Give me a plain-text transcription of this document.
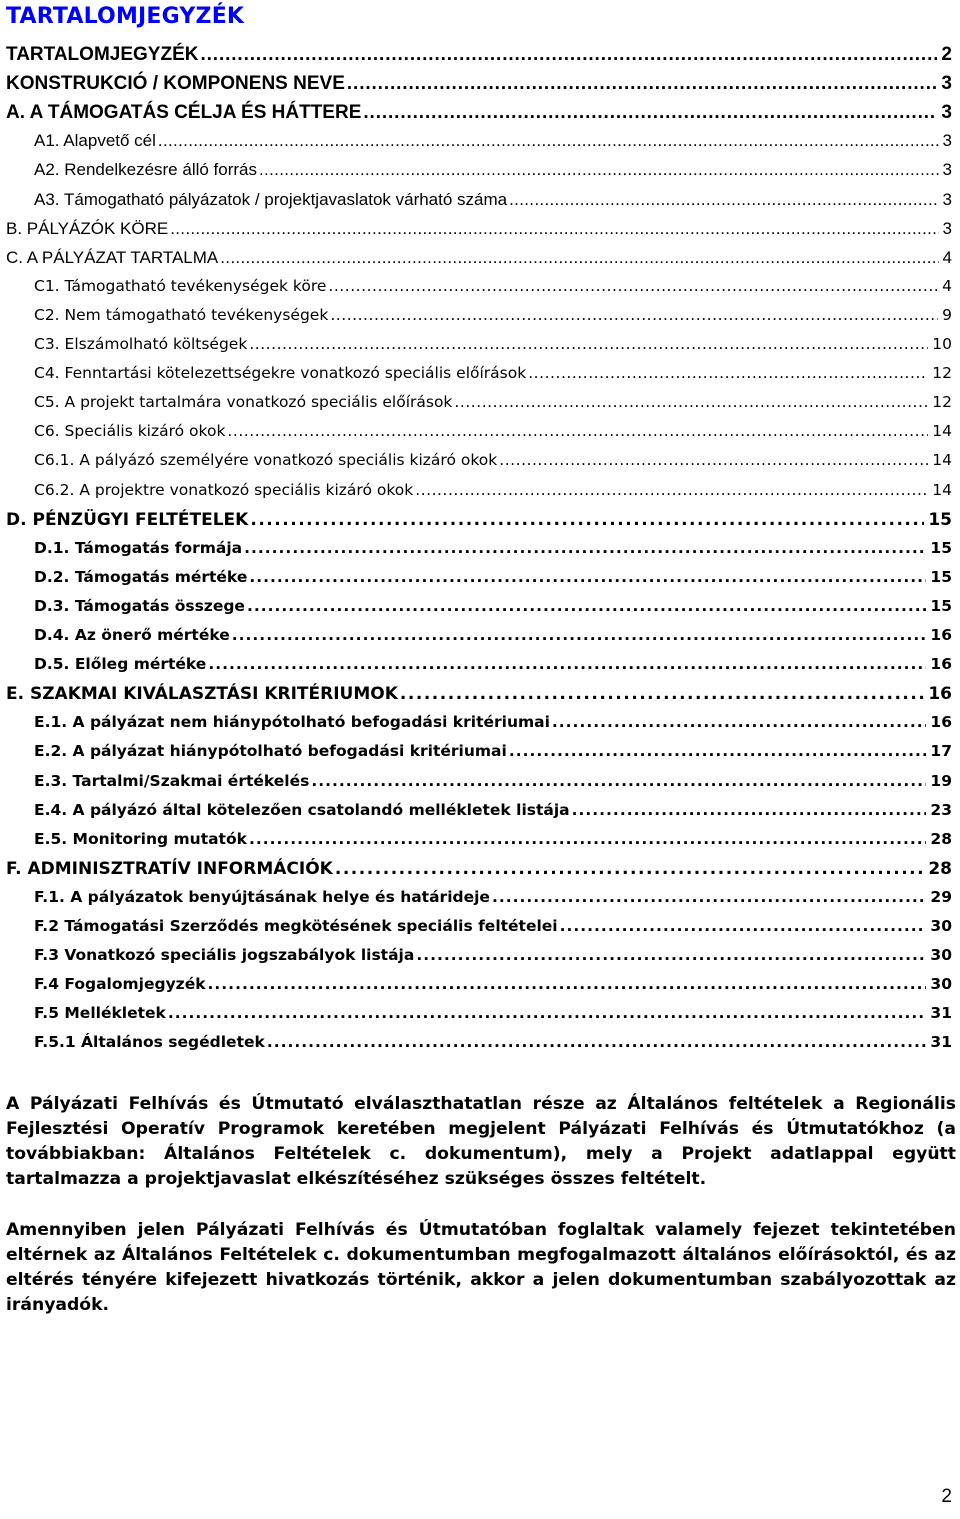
TARTALOMJEGYZÉK
TARTALOMJEGYZÉK . . .	2
KONSTRUKCIÓ / KOMPONENS NEVE . . .	3
A. A TÁMOGATÁS CÉLJA ÉS HÁTTERE . . .	3
A1. Alapvető cél . . .	3
A2. Rendelkezésre álló forrás . . .	3
A3. Támogatható pályázatok / projektjavaslatok várható száma . . .	3
B. PÁLYÁZÓK KÖRE . . .	3
C. A PÁLYÁZAT TARTALMA . . .	4
C1. Támogatható tevékenységek köre . . .	4
C2. Nem támogatható tevékenységek . . .	9
C3. Elszámolható költségek . . .	10
C4. Fenntartási kötelezettségekre vonatkozó speciális előírások . . .	12
C5. A projekt tartalmára vonatkozó speciális előírások . . .	12
C6. Speciális kizáró okok . . .	14
C6.1. A pályázó személyére vonatkozó speciális kizáró okok . . .	14
C6.2. A projektre vonatkozó speciális kizáró okok . . .	14
D. PÉNZÜGYI FELTÉTELEK . . .	15
D.1. Támogatás formája . . .	15
D.2. Támogatás mértéke . . .	15
D.3. Támogatás összege . . .	15
D.4. Az önerő mértéke . . .	16
D.5. Előleg mértéke . . .	16
E. SZAKMAI KIVÁLASZTÁSI KRITÉRIUMOK . . .	16
E.1. A pályázat nem hiánypótolható befogadási kritériumai . . .	16
E.2. A pályázat hiánypótolható befogadási kritériumai . . .	17
E.3. Tartalmi/Szakmai értékelés . . .	19
E.4. A pályázó által kötelezően csatolandó mellékletek listája . . .	23
E.5. Monitoring mutatók . . .	28
F. ADMINISZTRATÍV INFORMÁCIÓK . . .	28
F.1. A pályázatok benyújtásának helye és határideje . . .	29
F.2 Támogatási Szerződés megkötésének speciális feltételei . . .	30
F.3 Vonatkozó speciális jogszabályok listája . . .	30
F.4 Fogalomjegyzék . . .	30
F.5 Mellékletek . . .	31
F.5.1 Általános segédletek . . .	31
A Pályázati Felhívás és Útmutató elválaszthatatlan része az Általános feltételek a Regionális Fejlesztési Operatív Programok keretében megjelent Pályázati Felhívás és Útmutatókhoz (a továbbiakban: Általános Feltételek c. dokumentum), mely a Projekt adatlappal együtt tartalmazza a projektjavaslat elkészítéséhez szükséges összes feltételt.
Amennyiben jelen Pályázati Felhívás és Útmutatóban foglaltak valamely fejezet tekintetében eltérnek az Általános Feltételek c. dokumentumban megfogalmazott általános előírásoktól, és az eltérés tényére kifejezett hivatkozás történik, akkor a jelen dokumentumban szabályozottak az irányadók.
2
